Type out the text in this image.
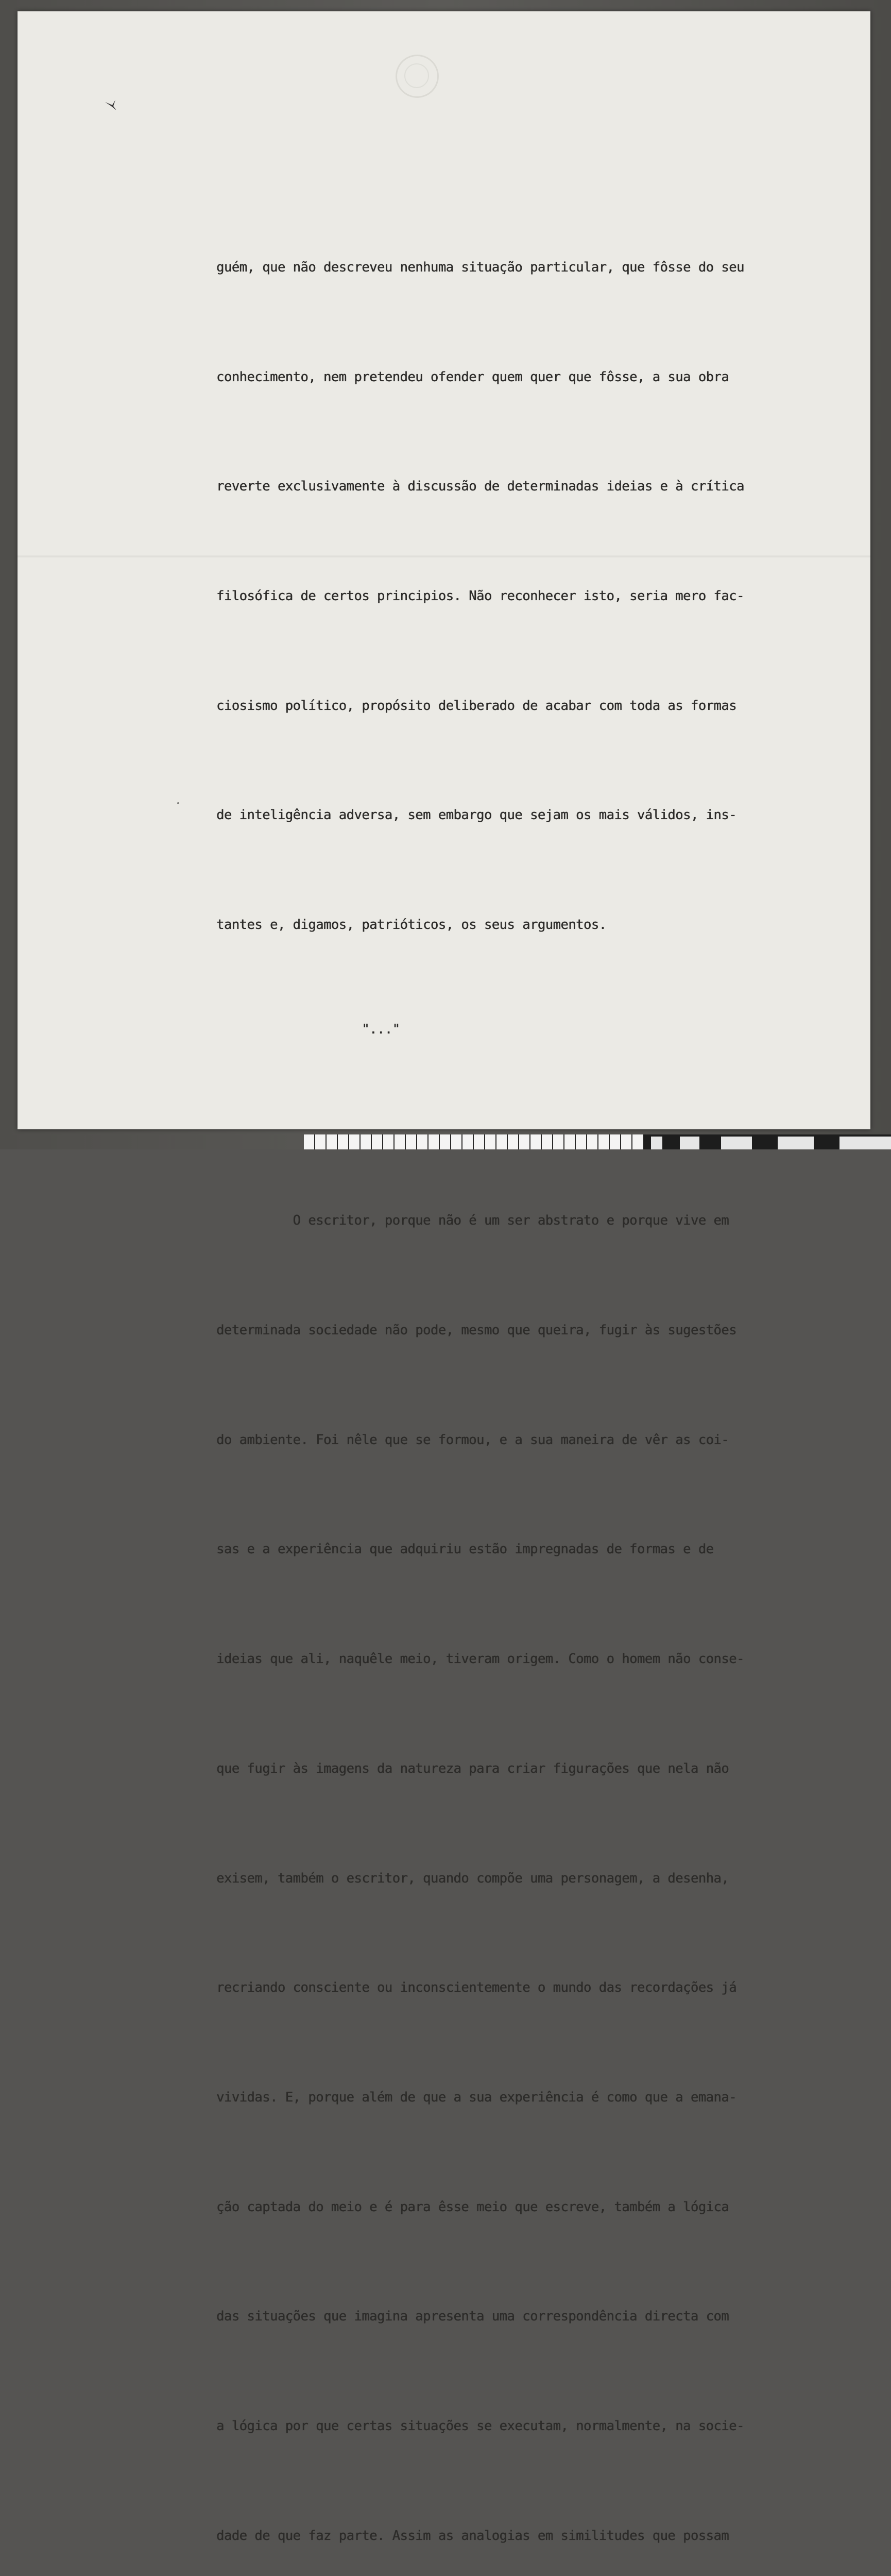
guém, que não descreveu nenhuma situação particular, que fôsse do seu

conhecimento, nem pretendeu ofender quem quer que fôsse, a sua obra

reverte exclusivamente à discussão de determinadas ideias e à crítica

filosófica de certos principios. Não reconhecer isto, seria mero fac-

ciosismo político, propósito deliberado de acabar com toda as formas

de inteligência adversa, sem embargo que sejam os mais válidos, ins-

tantes e, digamos, patrióticos, os seus argumentos.

"..."

O escritor, porque não é um ser abstrato e porque vive em

determinada sociedade não pode, mesmo que queira, fugir às sugestões

do ambiente. Foi nêle que se formou, e a sua maneira de vêr as coi-

sas e a experiência que adquiriu estão impregnadas de formas e de

ideias que ali, naquêle meio, tiveram origem. Como o homem não conse-

que fugir às imagens da natureza para criar figurações que nela não

exisem, também o escritor, quando compõe uma personagem, a desenha,

recriando consciente ou inconscientemente o mundo das recordações já

vividas. E, porque além de que a sua experiência é como que a emana-

ção captada do meio e é para êsse meio que escreve, também a lógica

das situações que imagina apresenta uma correspondência directa com

a lógica por que certas situações se executam, normalmente, na socie-

dade de que faz parte. Assim as analogias em similitudes que possam
